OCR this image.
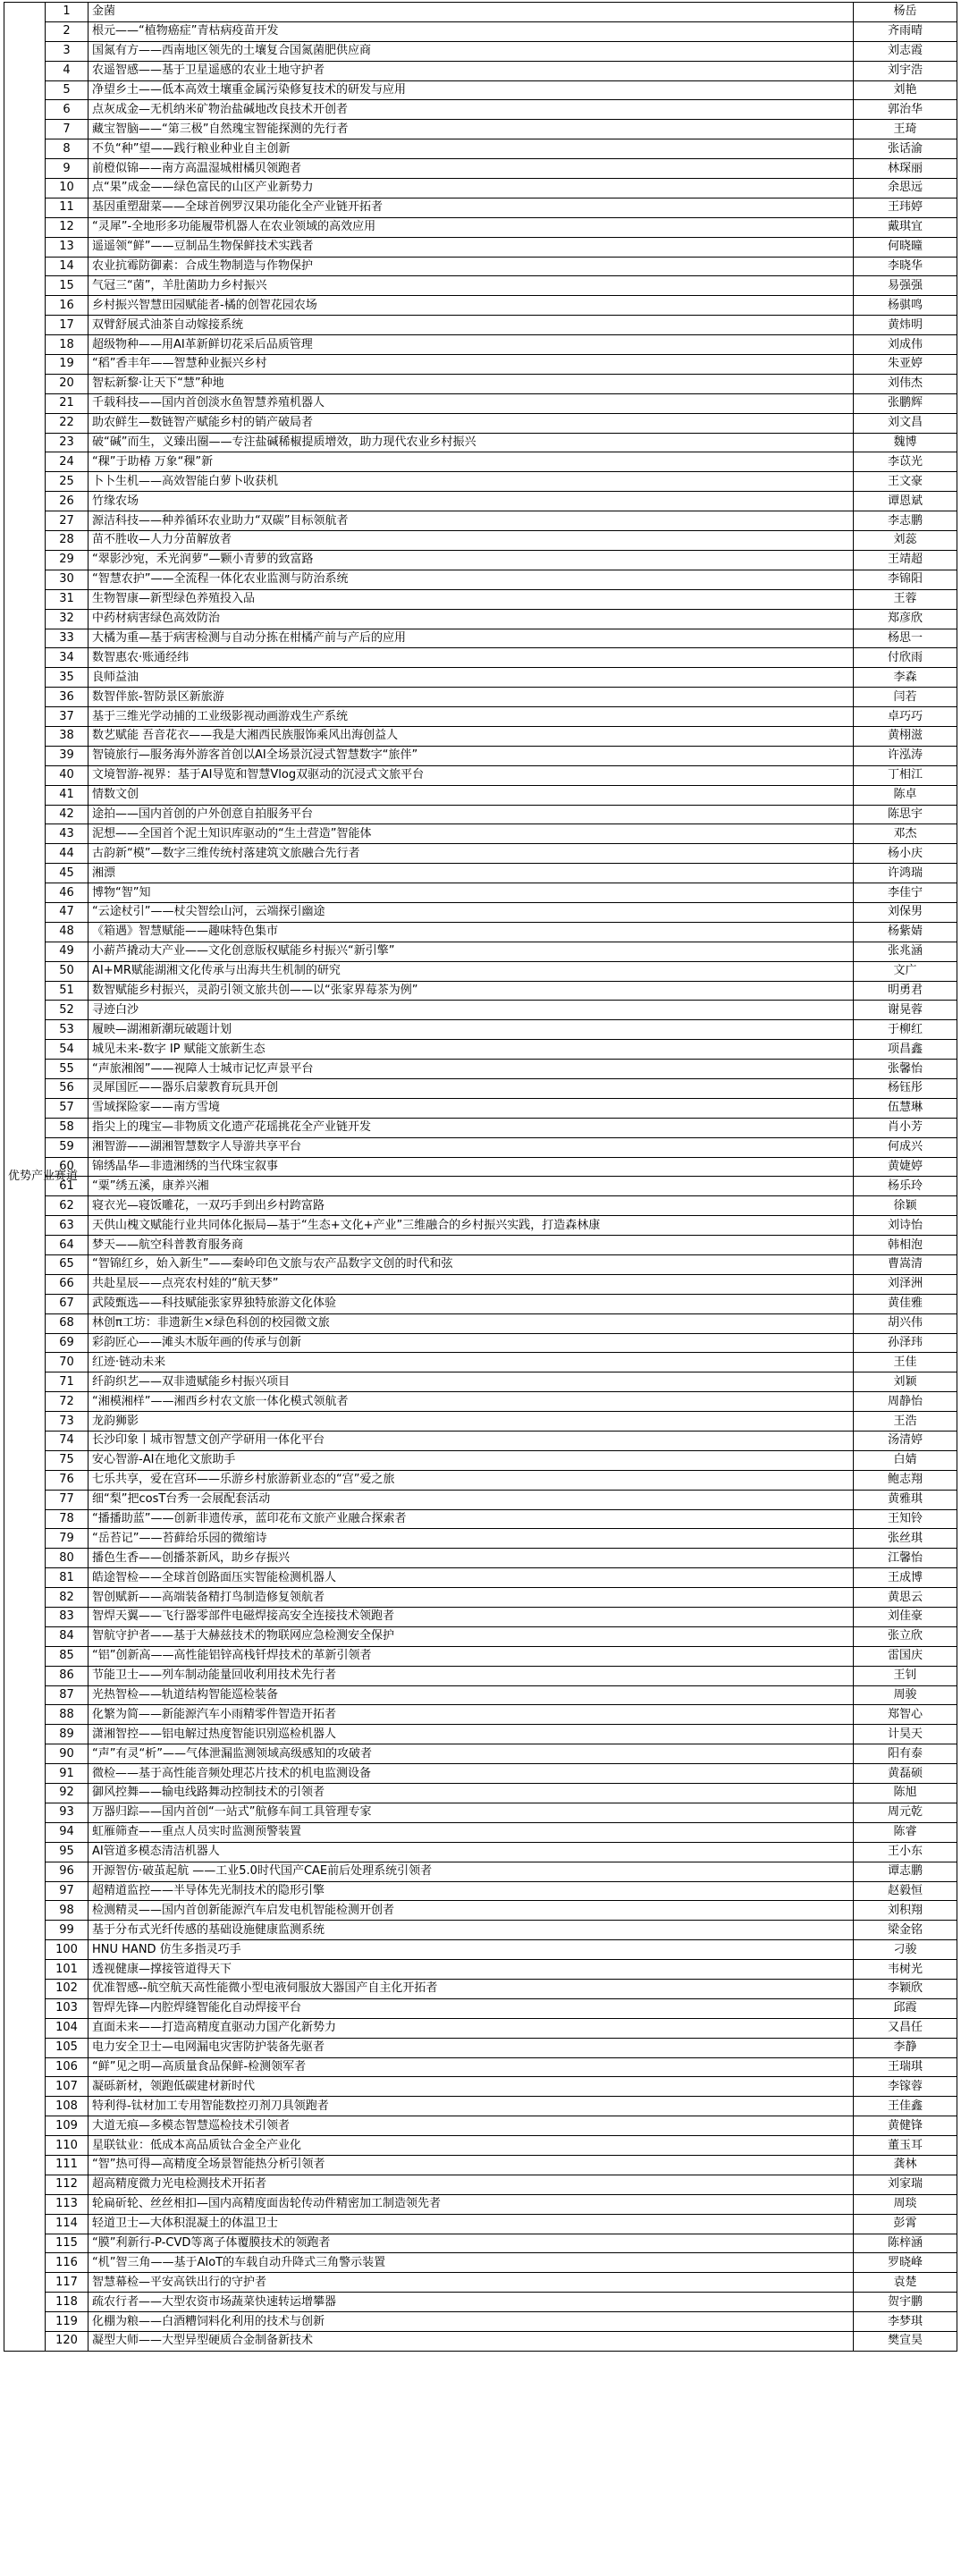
优势产业赛道	1	金菌	杨岳
	2	根元——“植物癌症”青枯病疫苗开发	齐雨晴
	3	国氮有方——西南地区领先的土壤复合国氮菌肥供应商	刘志霞
	4	农遥智感——基于卫星遥感的农业土地守护者	刘宇浩
	5	净望乡土——低本高效土壤重金属污染修复技术的研发与应用	刘艳
	6	点灰成金—无机纳米矿物治盐碱地改良技术开创者	郭治华
	7	藏宝智脑——“第三极”自然瑰宝智能探测的先行者	王琦
	8	不负“种”望——践行粮业种业自主创新	张话渝
	9	前橙似锦——南方高温湿城柑橘贝领跑者	林琛丽
	10	点“果”成金——绿色富民的山区产业新势力	余思远
	11	基因重塑甜菜——全球首例罗汉果功能化全产业链开拓者	王玮婷
	12	“灵犀”-全地形多功能履带机器人在农业领域的高效应用	戴琪宜
	13	遥遥领“鲜”——豆制品生物保鲜技术实践者	何晓曈
	14	农业抗霉防御素：合成生物制造与作物保护	李晓华
	15	气冠三“菌”，羊肚菌助力乡村振兴	易强强
	16	乡村振兴智慧田园赋能者-橘的创智花园农场	杨骐鸣
	17	双臂舒展式油茶自动嫁接系统	黄炜明
	18	超级物种——用AI革新鲜切花采后品质管理	刘成伟
	19	“稻”香丰年——智慧种业振兴乡村	朱亚婷
	20	智耘新黎·让天下“慧”种地	刘伟杰
	21	千载科技——国内首创淡水鱼智慧养殖机器人	张鹏辉
	22	助农鲜生—数链智产赋能乡村的销产破局者	刘文昌
	23	破“碱”而生，义臻出圈——专注盐碱稀椒提质增效，助力现代农业乡村振兴	魏博
	24	“稞”于助椿 万象“稞”新	李苡光
	25	卜卜生机——高效智能白萝卜收获机	王文豪
	26	竹缘农场	谭恩斌
	27	源洁科技——种养循环农业助力“双碳”目标领航者	李志鹏
	28	苗不胜收—人力分苗解放者	刘蕊
	29	“翠影沙宛，禾光润萝”—颗小青萝的致富路	王靖超
	30	“智慧农护”——全流程一体化农业监测与防治系统	李锦阳
	31	生物智康—新型绿色养殖投入品	王蓉
	32	中药材病害绿色高效防治	郑彦欣
	33	大橘为重—基于病害检测与自动分拣在柑橘产前与产后的应用	杨思一
	34	数智惠农·账通经纬	付欣雨
	35	良师益油	李森
	36	数智伴旅-智防景区新旅游	闫若
	37	基于三维光学动捕的工业级影视动画游戏生产系统	卓巧巧
	38	数艺赋能 吾音花衣——我是大湘西民族服饰乘风出海创益人	黄栩滋
	39	智镜旅行—服务海外游客首创以AI全场景沉浸式智慧数字“旅伴”	许泓涛
	40	文境智游-视界：基于AI导览和智慧Vlog双驱动的沉浸式文旅平台	丁相江
	41	情数文创	陈卓
	42	途拍——国内首创的户外创意自拍服务平台	陈思宇
	43	泥想——全国首个泥土知识库驱动的“生土营造”智能体	邓杰
	44	古韵新“模”—数字三维传统村落建筑文旅融合先行者	杨小庆
	45	湘漂	许鸿瑞
	46	博物“智”知	李佳宁
	47	“云途杖引”——杖尖智绘山河，云端探引幽途	刘保男
	48	《箱遇》智慧赋能——趣味特色集市	杨紫婧
	49	小薪芦撬动大产业——文化创意版权赋能乡村振兴“新引擎”	张兆涵
	50	AI+MR赋能湖湘文化传承与出海共生机制的研究	文广
	51	数智赋能乡村振兴，灵韵引领文旅共创——以“张家界莓茶为例”	明勇君
	52	寻迹白沙	谢晃蓉
	53	履映—湖湘新潮玩破题计划	于柳红
	54	城见未来-数字 IP 赋能文旅新生态	项昌鑫
	55	“声旅湘阁”——视障人士城市记忆声景平台	张馨怡
	56	灵犀国匠——器乐启蒙教育玩具开创	杨钰彤
	57	雪域探险家——南方雪境	伍慧琳
	58	指尖上的瑰宝—非物质文化遗产花瑶挑花全产业链开发	肖小芳
	59	湘智游——湖湘智慧数字人导游共享平台	何成兴
	60	锦绣晶华—非遗湘绣的当代珠宝叙事	黄婕婷
	61	“粟”绣五溪，康养兴湘	杨乐玲
	62	寝衣光—寝饭雕花，一双巧手到出乡村跨富路	徐颖
	63	天供山槐文赋能行业共同体化振局—基于“生态+文化+产业”三维融合的乡村振兴实践，打造森林康	刘诗怡
	64	梦天——航空科普教育服务商	韩相泡
	65	“智锦红乡，始入新生”——秦岭印色文旅与农产品数字文创的时代和弦	曹嵩清
	66	共赴星辰——点亮农村娃的“航天梦”	刘泽洲
	67	武陵甄选——科技赋能张家界独特旅游文化体验	黄佳雅
	68	林创π工坊：非遗新生×绿色科创的校园微文旅	胡兴伟
	69	彩韵匠心——滩头木版年画的传承与创新	孙泽玮
	70	红迹·链动未来	王佳
	71	纤韵织艺——双非遗赋能乡村振兴项目	刘颖
	72	“湘模湘样”——湘西乡村农文旅一体化模式领航者	周静怡
	73	龙韵狮影	王浩
	74	长沙印象丨城市智慧文创产学研用一体化平台	汤清婷
	75	安心智游-AI在地化文旅助手	白婧
	76	七乐共享，爱在宫环——乐游乡村旅游新业态的“宫”爱之旅	鲍志翔
	77	细“梨”把cosT台秀一会展配套活动	黄雅琪
	78	“播播助蓝”——创新非遗传承，蓝印花布文旅产业融合探索者	王知铃
	79	“岳苔记”——苔藓给乐园的微缩诗	张丝琪
	80	播色生香——创播茶新风，助乡存振兴	江馨怡
	81	皓途智检——全球首创路面压实智能检测机器人	王成博
	82	智创赋新——高端装备精打鸟制造修复领航者	黄思云
	83	智焊天翼——飞行器零部件电磁焊接高安全连接技术领跑者	刘佳豪
	84	智航守护者——基于大赫兹技术的物联网应急检测安全保护	张立欣
	85	“铝”创新高——高性能铝锌高栈钎焊技术的革新引领者	雷国庆
	86	节能卫士——列车制动能量回收利用技术先行者	王钊
	87	光热智检——轨道结构智能巡检装备	周骏
	88	化繁为简——新能源汽车小雨精零件智造开拓者	郑智心
	89	潇湘智控——铝电解过热度智能识别巡检机器人	计昊天
	90	“声”有灵“析”——气体泄漏监测领域高级感知的攻破者	阳有泰
	91	微检——基于高性能音频处理芯片技术的机电监测设备	黄磊硕
	92	御风控舞——输电线路舞动控制技术的引领者	陈旭
	93	万器归踪——国内首创“一站式”航修车间工具管理专家	周元乾
	94	虹雁筛查——重点人员实时监测预警装置	陈睿
	95	AI管道多模态清洁机器人	王小东
	96	开源智仿·破茧起航 ——工业5.0时代国产CAE前后处理系统引领者	谭志鹏
	97	超精道监控——半导体先光制技术的隐形引擎	赵毅恒
	98	检测精灵——国内首创新能源汽车启发电机智能检测开创者	刘积翔
	99	基于分布式光纤传感的基础设施健康监测系统	梁金铭
	100	HNU HAND 仿生多指灵巧手	刁骏
	101	透视健康—撑接管道得天下	韦树光
	102	优准智感--航空航天高性能微小型电液伺服放大器国产自主化开拓者	李颖欣
	103	智焊先锋—内腔焊缝智能化自动焊接平台	邱霞
	104	直面未来——打造高精度直驱动力国产化新势力	又昌任
	105	电力安全卫士—电网漏电灾害防护装备先驱者	李静
	106	“鲜”见之明—高质量食品保鲜-检测领军者	王瑞琪
	107	凝砾新材，领跑低碳建材新时代	李镓蓉
	108	特利得-钛材加工专用智能数控刃剂刀具领跑者	王佳鑫
	109	大道无痕—多模态智慧巡检技术引领者	黄健锋
	110	星联钛业：低成本高品质钛合金全产业化	董玉耳
	111	“智”热可得—高精度全场景智能热分析引领者	龚林
	112	超高精度微力光电检测技术开拓者	刘家瑞
	113	轮扁斫轮、丝丝相扣—国内高精度面齿轮传动件精密加工制造领先者	周琰
	114	轻道卫士—大体积混凝土的体温卫士	彭霄
	115	“膜”利新行-P-CVD等离子体覆膜技术的领跑者	陈梓涵
	116	“机”智三角——基于AIoT的车载自动升降式三角警示装置	罗晓峰
	117	智慧幕检—平安高铁出行的守护者	袁楚
	118	疏农行者——大型农资市场蔬菜快速转运增攀器	贺宇鹏
	119	化棚为粮——白酒糟饲料化利用的技术与创新	李梦琪
	120	凝型大师——大型异型硬质合金制备新技术	樊宣昊
